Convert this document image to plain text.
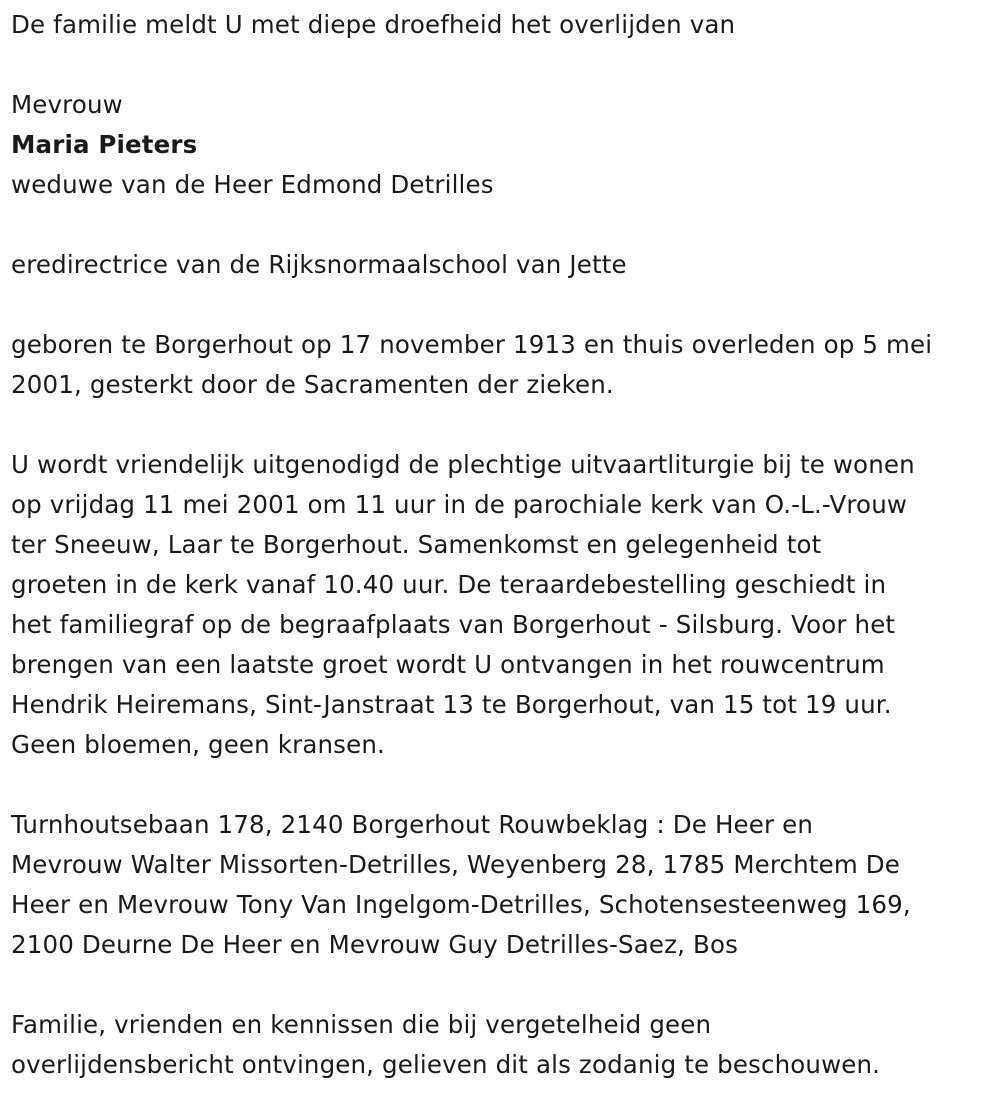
De familie meldt U met diepe droefheid het overlijden van
Mevrouw
Maria Pieters
weduwe van de Heer Edmond Detrilles
eredirectrice van de Rijksnormaalschool van Jette
geboren te Borgerhout op 17 november 1913 en thuis overleden op 5 mei
2001, gesterkt door de Sacramenten der zieken.
U wordt vriendelijk uitgenodigd de plechtige uitvaartliturgie bij te wonen
op vrijdag 11 mei 2001 om 11 uur in de parochiale kerk van O.-L.-Vrouw
ter Sneeuw, Laar te Borgerhout. Samenkomst en gelegenheid tot
groeten in de kerk vanaf 10.40 uur. De teraardebestelling geschiedt in
het familiegraf op de begraafplaats van Borgerhout - Silsburg. Voor het
brengen van een laatste groet wordt U ontvangen in het rouwcentrum
Hendrik Heiremans, Sint-Janstraat 13 te Borgerhout, van 15 tot 19 uur.
Geen bloemen, geen kransen.
Turnhoutsebaan 178, 2140 Borgerhout Rouwbeklag : De Heer en
Mevrouw Walter Missorten-Detrilles, Weyenberg 28, 1785 Merchtem De
Heer en Mevrouw Tony Van Ingelgom-Detrilles, Schotensesteenweg 169,
2100 Deurne De Heer en Mevrouw Guy Detrilles-Saez, Bos
Familie, vrienden en kennissen die bij vergetelheid geen
overlijdensbericht ontvingen, gelieven dit als zodanig te beschouwen.
